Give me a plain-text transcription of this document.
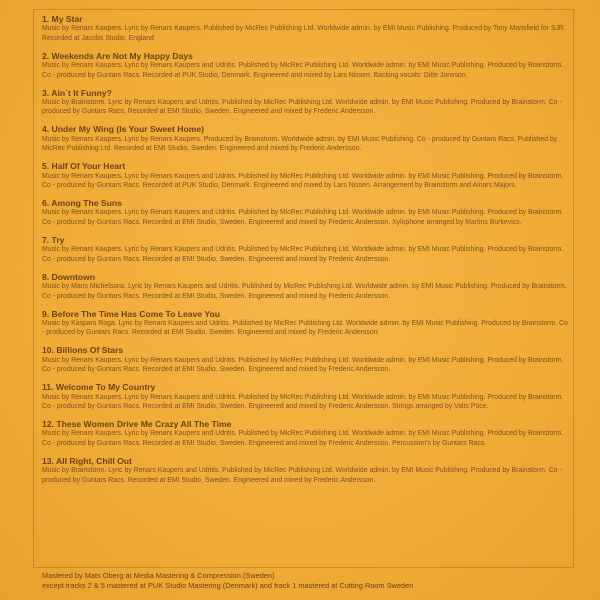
1. My Star
Music by Renars Kaupers. Lyric by Renars Kaupers. Published by MicRec Publishing Ltd. Worldwide admin. by EMI Music Publishing. Produced by Tony Mansfield for SJR. Recorded at Jacobs Studio, England
2. Weekends Are Not My Happy Days
Music by Renars Kaupers. Lyric by Renars Kaupers and Udritis. Published by MicRec Publishing Ltd. Worldwide admin. by EMI Music Publishing. Produced by Brainstorm. Co - produced by Guntars Racs. Recorded at PUK Studio, Denmark. Engineered and mixed by Lars Nissen. Backing vocals: Gitte Jonsson.
3. Ain`t It Funny?
Music by Brainstorm. Lyric by Renars Kaupers and Udritis. Published by MicRec Publishing Ltd. Worldwide admin. by EMI Music Publishing. Produced by Brainstorm. Co - produced by Guntars Racs. Recorded at EMI Studio, Sweden. Engineered and mixed by Frederic Andersson.
4. Under My Wing (Is Your Sweet Home)
Music by Renars Kaupers. Lyric by Renars Kaupers. Produced by Brainstorm. Worldwide admin. by EMI Music Publishing. Co - produced by Guntars Racs. Published by MicRec Publishing Ltd. Recorded at EMI Studio, Sweden. Engineered and mixed by Frederic Andersson.
5. Half Of Your Heart
Music by Renars Kaupers. Lyric by Renars Kaupers and Udritis. Published by MicRec Publishing Ltd. Worldwide admin. by EMI Music Publishing. Produced by Brainstorm. Co - produced by Guntars Racs. Recorded at PUK Studio, Denmark. Engineered and mixed by Lars Nissen. Arrangement by Brainstorm and Ainars Majors.
6. Among The Suns
Music by Renars Kaupers. Lyric by Renars Kaupers and Udritis. Published by MicRec Publishing Ltd. Worldwide admin. by EMI Music Publishing. Produced by Brainstorm. Co - produced by Guntars Racs. Recorded at EMI Studio, Sweden. Engineered and mixed by Frederic Andersson. Xylophone arranged by Martins Burkevics.
7. Try
Music by Renars Kaupers. Lyric by Renars Kaupers and Udritis. Published by MicRec Publishing Ltd. Worldwide admin. by EMI Music Publishing. Produced by Brainstorm. Co - produced by Guntars Racs. Recorded at EMI Studio, Sweden. Engineered and mixed by Frederic Andersson.
8. Downtown
Music by Maris Michelsons. Lyric by Renars Kaupers and Udritis. Published by MicRec Publishing Ltd. Worldwide admin. by EMI Music Publishing. Produced by Brainstorm. Co - produced by Guntars Racs. Recorded at EMI Studio, Sweden. Engineered and mixed by Frederic Andersson.
9. Before The Time Has Come To Leave You
Music by Kaspars Roga. Lyric by Renars Kaupers and Udritis. Published by MicRec Publishing Ltd. Worldwide admin. by EMI Music Publishing. Produced by Brainstorm. Co - produced by Guntars Racs. Recorded at EMI Studio, Sweden. Engineered and mixed by Frederic Andersson.
10. Billions Of Stars
Music by Renars Kaupers. Lyric by Renars Kaupers and Udritis. Published by MicRec Publishing Ltd. Worldwide admin. by EMI Music Publishing. Produced by Brainstorm. Co - produced by Guntars Racs. Recorded at EMI Studio, Sweden. Engineered and mixed by Frederic Andersson.
11. Welcome To My Country
Music by Renars Kaupers. Lyric by Renars Kaupers and Udritis. Published by MicRec Publishing Ltd. Worldwide admin. by EMI Music Publishing. Produced by Brainstorm. Co - produced by Guntars Racs. Recorded at EMI Studio, Sweden. Engineered and mixed by Frederic Andersson. Strings arranged by Valts Pūce.
12. These Women Drive Me Crazy All The Time
Music by Renars Kaupers. Lyric by Renars Kaupers and Udritis. Published by MicRec Publishing Ltd. Worldwide admin. by EMI Music Publishing. Produced by Brainstorm. Co - produced by Guntars Racs. Recorded at EMI Studio, Sweden. Engineered and mixed by Frederic Andersson. Percussion's by Guntars Racs.
13. All Right, Chill Out
Music by Brainstorm. Lyric by Renars Kaupers and Udritis. Published by MicRec Publishing Ltd. Worldwide admin. by EMI Music Publishing. Produced by Brainstorm. Co - produced by Guntars Racs. Recorded at EMI Studio, Sweden. Engineered and mixed by Frederic Andersson.
Mastered by Mats Oberg at Media Mastering & Compression (Sweden)
except tracks 2 & 5 mastered at PUK Studio Mastering (Denmark) and track 1 mastered at Cutting Room Sweden
